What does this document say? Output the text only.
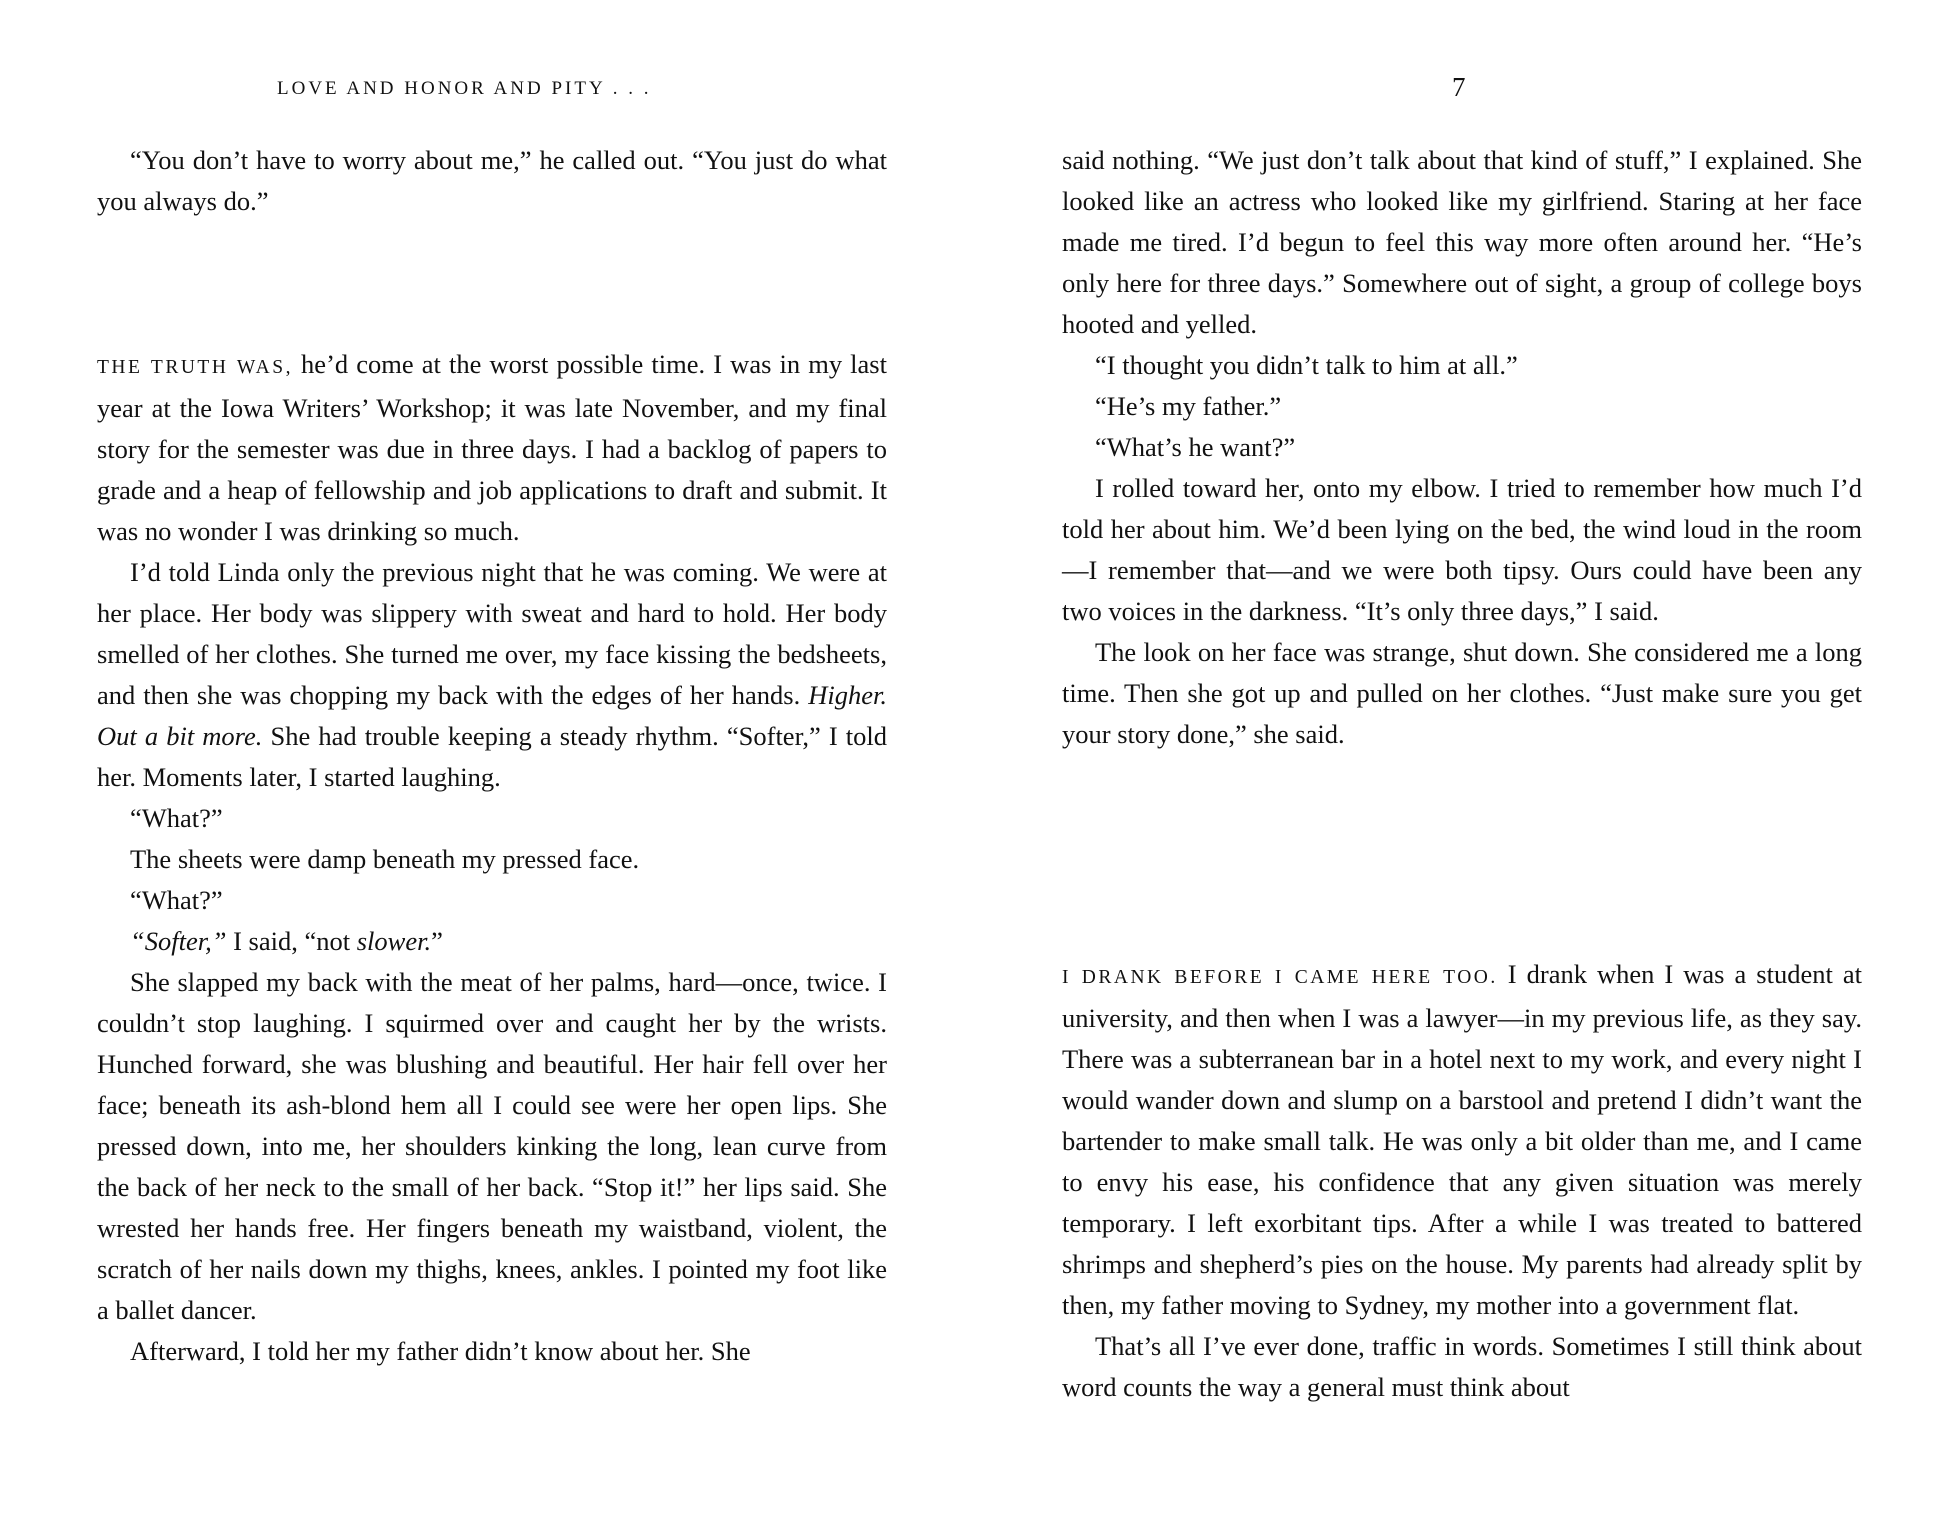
LOVE AND HONOR AND PITY . . .

“You don’t have to worry about me,” he called out. “You just do what you always do.”

THE TRUTH WAS, he’d come at the worst possible time. I was in my last year at the Iowa Writers’ Workshop; it was late November, and my final story for the semester was due in three days. I had a backlog of papers to grade and a heap of fellowship and job applications to draft and submit. It was no wonder I was drinking so much.

I’d told Linda only the previous night that he was coming. We were at her place. Her body was slippery with sweat and hard to hold. Her body smelled of her clothes. She turned me over, my face kissing the bedsheets, and then she was chopping my back with the edges of her hands. Higher. Out a bit more. She had trouble keeping a steady rhythm. “Softer,” I told her. Moments later, I started laughing.

“What?”

The sheets were damp beneath my pressed face.

“What?”

“Softer,” I said, “not slower.”

She slapped my back with the meat of her palms, hard—once, twice. I couldn’t stop laughing. I squirmed over and caught her by the wrists. Hunched forward, she was blushing and beautiful. Her hair fell over her face; beneath its ash-blond hem all I could see were her open lips. She pressed down, into me, her shoulders kinking the long, lean curve from the back of her neck to the small of her back. “Stop it!” her lips said. She wrested her hands free. Her fingers beneath my waistband, violent, the scratch of her nails down my thighs, knees, ankles. I pointed my foot like a ballet dancer.

Afterward, I told her my father didn’t know about her. She

7

said nothing. “We just don’t talk about that kind of stuff,” I explained. She looked like an actress who looked like my girlfriend. Staring at her face made me tired. I’d begun to feel this way more often around her. “He’s only here for three days.” Somewhere out of sight, a group of college boys hooted and yelled.

“I thought you didn’t talk to him at all.”

“He’s my father.”

“What’s he want?”

I rolled toward her, onto my elbow. I tried to remember how much I’d told her about him. We’d been lying on the bed, the wind loud in the room—I remember that—and we were both tipsy. Ours could have been any two voices in the darkness. “It’s only three days,” I said.

The look on her face was strange, shut down. She considered me a long time. Then she got up and pulled on her clothes. “Just make sure you get your story done,” she said.

I DRANK BEFORE I CAME HERE TOO. I drank when I was a student at university, and then when I was a lawyer—in my previous life, as they say. There was a subterranean bar in a hotel next to my work, and every night I would wander down and slump on a barstool and pretend I didn’t want the bartender to make small talk. He was only a bit older than me, and I came to envy his ease, his confidence that any given situation was merely temporary. I left exorbitant tips. After a while I was treated to battered shrimps and shepherd’s pies on the house. My parents had already split by then, my father moving to Sydney, my mother into a government flat.

That’s all I’ve ever done, traffic in words. Sometimes I still think about word counts the way a general must think about
